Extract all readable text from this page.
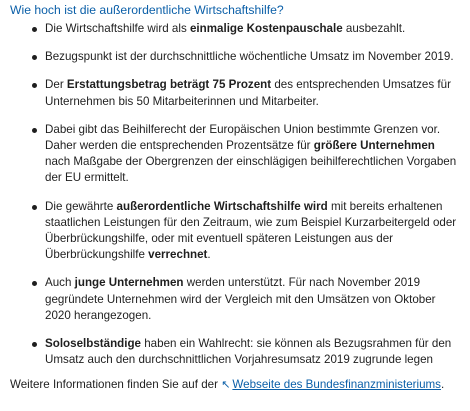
Wie hoch ist die außerordentliche Wirtschaftshilfe?
Die Wirtschaftshilfe wird als einmalige Kostenpauschale ausbezahlt.
Bezugspunkt ist der durchschnittliche wöchentliche Umsatz im November 2019.
Der Erstattungsbetrag beträgt 75 Prozent des entsprechenden Umsatzes für Unternehmen bis 50 Mitarbeiterinnen und Mitarbeiter.
Dabei gibt das Beihilferecht der Europäischen Union bestimmte Grenzen vor. Daher werden die entsprechenden Prozentsätze für größere Unternehmen nach Maßgabe der Obergrenzen der einschlägigen beihilferechtlichen Vorgaben der EU ermittelt.
Die gewährte außerordentliche Wirtschaftshilfe wird mit bereits erhaltenen staatlichen Leistungen für den Zeitraum, wie zum Beispiel Kurzarbeitergeld oder Überbrückungshilfe, oder mit eventuell späteren Leistungen aus der Überbrückungshilfe verrechnet.
Auch junge Unternehmen werden unterstützt. Für nach November 2019 gegründete Unternehmen wird der Vergleich mit den Umsätzen von Oktober 2020 herangezogen.
Soloselbständige haben ein Wahlrecht: sie können als Bezugsrahmen für den Umsatz auch den durchschnittlichen Vorjahresumsatz 2019 zugrunde legen

Weitere Informationen finden Sie auf der ↖ Webseite des Bundesfinanzministeriums.
